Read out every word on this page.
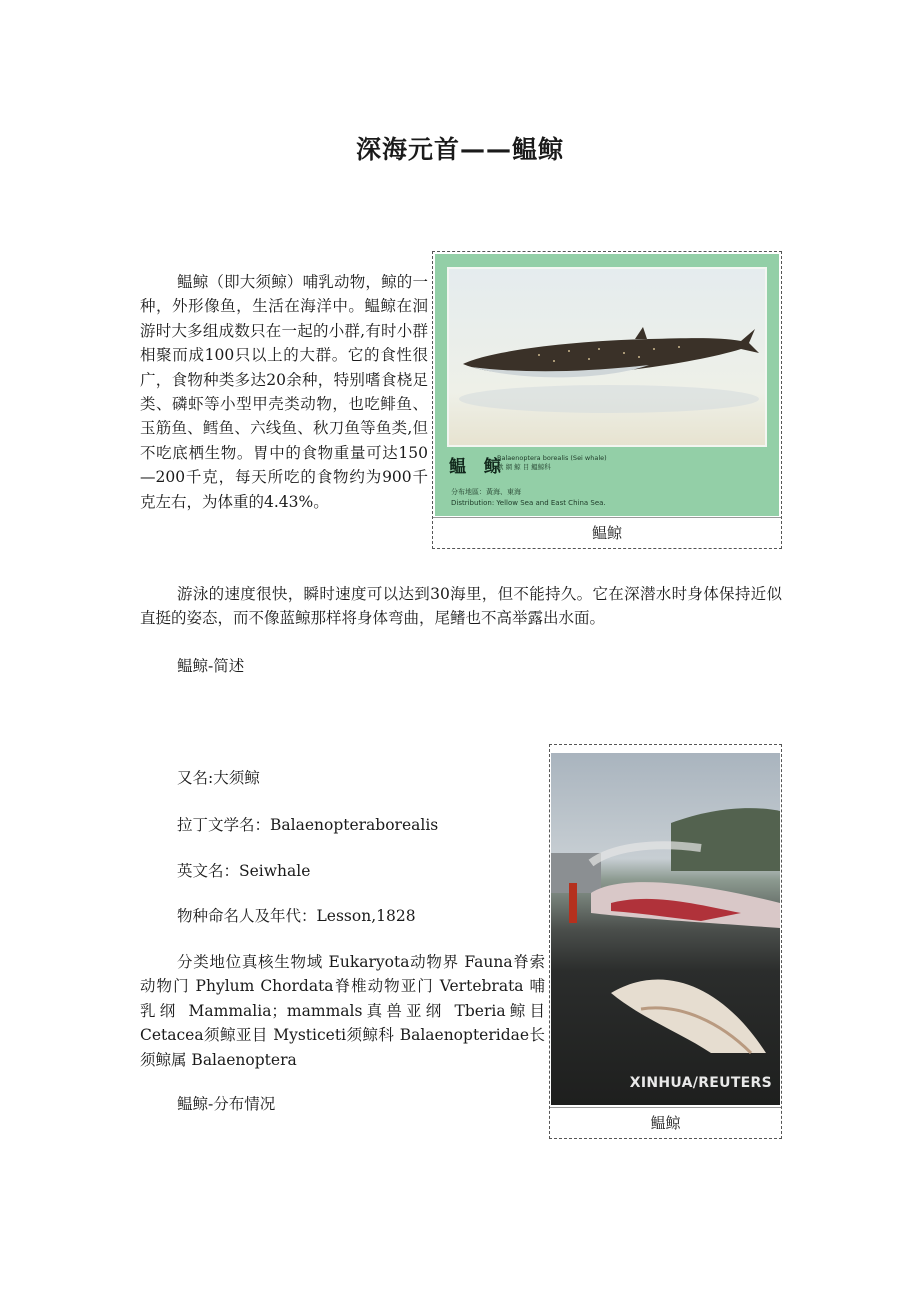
深海元首——鳁鲸

鳁鲸（即大须鲸）哺乳动物，鲸的一种，外形像鱼，生活在海洋中。鳁鲸在洄游时大多组成数只在一起的小群,有时小群相聚而成100只以上的大群。它的食性很广，食物种类多达20余种，特别嗜食桡足类、磷虾等小型甲壳类动物，也吃鲱鱼、玉筋鱼、鳕鱼、六线鱼、秋刀鱼等鱼类,但不吃底栖生物。胃中的食物重量可达150—200千克，每天所吃的食物约为900千克左右，为体重的4.43%。

鳁 鲸
Balaenoptera borealis (Sei whale)
歡 網 鯨 目 鰮鯨科
分布地區：黃海、東海
Distribution: Yellow Sea and East China Sea.
鳁鲸

游泳的速度很快，瞬时速度可以达到30海里，但不能持久。它在深潜水时身体保持近似直挺的姿态，而不像蓝鲸那样将身体弯曲，尾鳍也不高举露出水面。

鳁鲸-简述

又名:大须鲸

拉丁文学名：Balaenopteraborealis

英文名：Seiwhale

物种命名人及年代：Lesson,1828

分类地位真核生物域 Eukaryota动物界 Fauna脊索动物门 Phylum Chordata脊椎动物亚门 Vertebrata 哺乳纲 Mammalia；mammals真兽亚纲 Tberia鲸目 Cetacea须鲸亚目 Mysticeti须鲸科 Balaenopteridae长须鲸属 Balaenoptera

鳁鲸-分布情况

XINHUA/REUTERS
鳁鲸
